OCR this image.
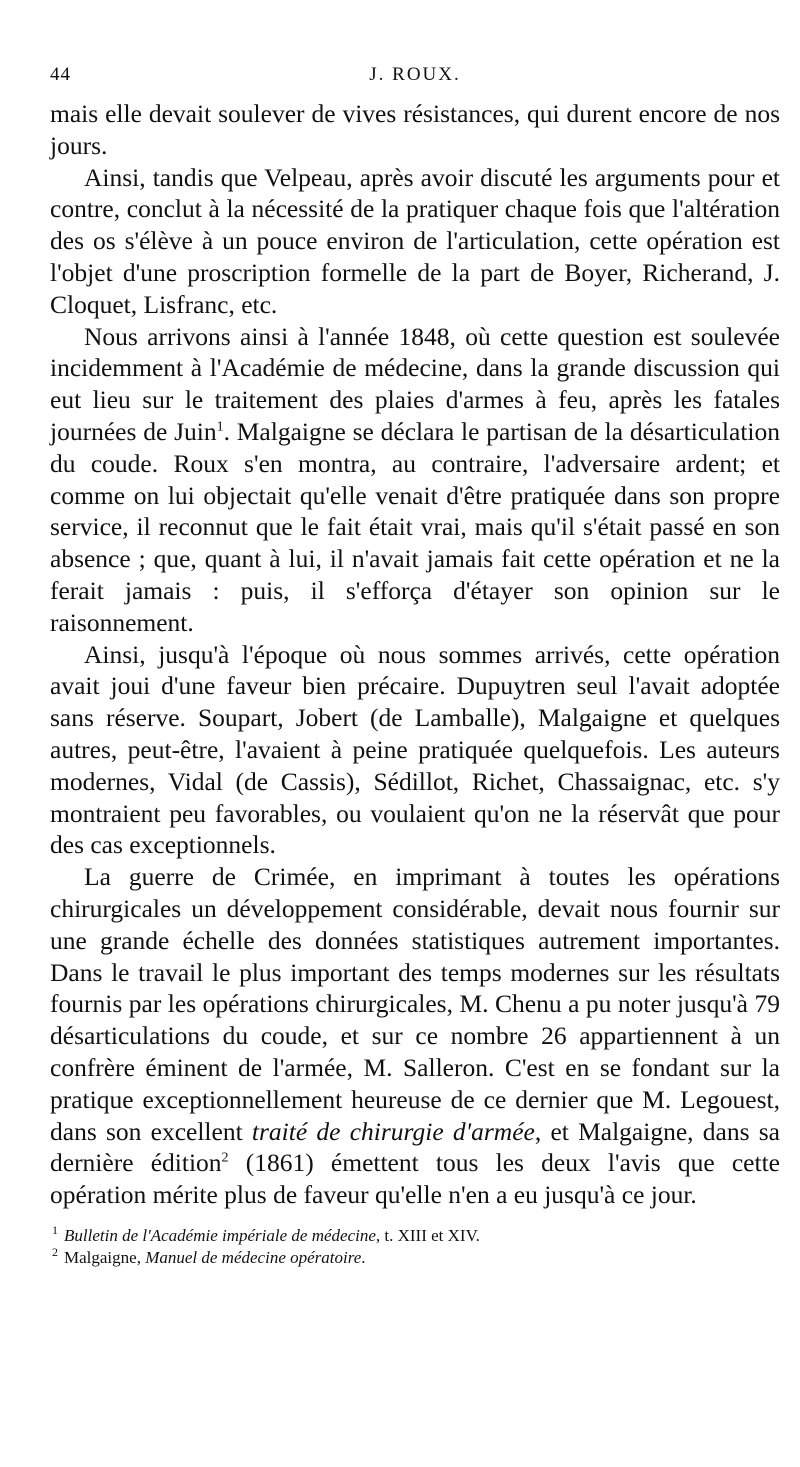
44	J. ROUX.

mais elle devait soulever de vives résistances, qui durent encore de nos jours.

Ainsi, tandis que Velpeau, après avoir discuté les arguments pour et contre, conclut à la nécessité de la pratiquer chaque fois que l'altération des os s'élève à un pouce environ de l'articulation, cette opération est l'objet d'une proscription formelle de la part de Boyer, Richerand, J. Cloquet, Lisfranc, etc.

Nous arrivons ainsi à l'année 1848, où cette question est soulevée incidemment à l'Académie de médecine, dans la grande discussion qui eut lieu sur le traitement des plaies d'armes à feu, après les fatales journées de Juin$^1$. Malgaigne se déclara le partisan de la désarticulation du coude. Roux s'en montra, au contraire, l'adversaire ardent; et comme on lui objectait qu'elle venait d'être pratiquée dans son propre service, il reconnut que le fait était vrai, mais qu'il s'était passé en son absence ; que, quant à lui, il n'avait jamais fait cette opération et ne la ferait jamais : puis, il s'efforça d'étayer son opinion sur le raisonnement.

Ainsi, jusqu'à l'époque où nous sommes arrivés, cette opération avait joui d'une faveur bien précaire. Dupuytren seul l'avait adoptée sans réserve. Soupart, Jobert (de Lamballe), Malgaigne et quelques autres, peut-être, l'avaient à peine pratiquée quelquefois. Les auteurs modernes, Vidal (de Cassis), Sédillot, Richet, Chassaignac, etc. s'y montraient peu favorables, ou voulaient qu'on ne la réservât que pour des cas exceptionnels.

La guerre de Crimée, en imprimant à toutes les opérations chirurgicales un développement considérable, devait nous fournir sur une grande échelle des données statistiques autrement importantes. Dans le travail le plus important des temps modernes sur les résultats fournis par les opérations chirurgicales, M. Chenu a pu noter jusqu'à 79 désarticulations du coude, et sur ce nombre 26 appartiennent à un confrère éminent de l'armée, M. Salleron. C'est en se fondant sur la pratique exceptionnellement heureuse de ce dernier que M. Legouest, dans son excellent traité de chirurgie d'armée, et Malgaigne, dans sa dernière édition$^2$ (1861) émettent tous les deux l'avis que cette opération mérite plus de faveur qu'elle n'en a eu jusqu'à ce jour.

$^1$ Bulletin de l'Académie impériale de médecine, t. XIII et XIV.
$^2$ Malgaigne, Manuel de médecine opératoire.
